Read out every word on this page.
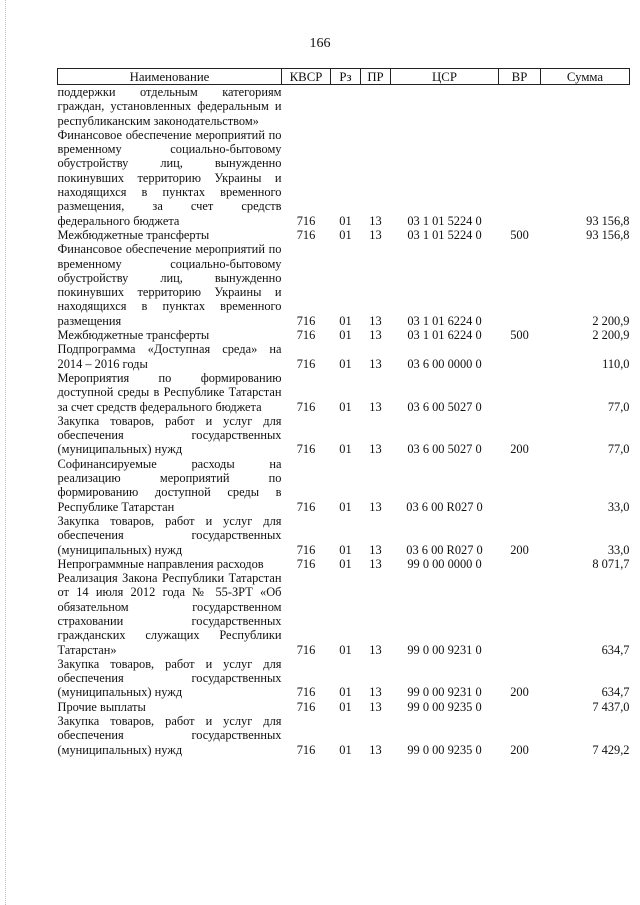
166
Наименование	КВСР	Рз	ПР	ЦСР	ВР	Сумма
поддержки отдельным категориям граждан, установленных федеральным и республиканским законодательством»						
Финансовое обеспечение мероприятий по временному социально-бытовому обустройству лиц, вынужденно покинувших территорию Украины и находящихся в пунктах временного размещения, за счет средств федерального бюджета	716	01	13	03 1 01 5224 0		93 156,8
Межбюджетные трансферты	716	01	13	03 1 01 5224 0	500	93 156,8
Финансовое обеспечение мероприятий по временному социально-бытовому обустройству лиц, вынужденно покинувших территорию Украины и находящихся в пунктах временного размещения	716	01	13	03 1 01 6224 0		2 200,9
Межбюджетные трансферты	716	01	13	03 1 01 6224 0	500	2 200,9
Подпрограмма «Доступная среда» на 2014 – 2016 годы	716	01	13	03 6 00 0000 0		110,0
Мероприятия по формированию доступной среды в Республике Татарстан за счет средств федерального бюджета	716	01	13	03 6 00 5027 0		77,0
Закупка товаров, работ и услуг для обеспечения государственных (муниципальных) нужд	716	01	13	03 6 00 5027 0	200	77,0
Софинансируемые расходы на реализацию мероприятий по формированию доступной среды в Республике Татарстан	716	01	13	03 6 00 R027 0		33,0
Закупка товаров, работ и услуг для обеспечения государственных (муниципальных) нужд	716	01	13	03 6 00 R027 0	200	33,0
Непрограммные направления расходов	716	01	13	99 0 00 0000 0		8 071,7
Реализация Закона Республики Татарстан от 14 июля 2012 года № 55-ЗРТ «Об обязательном государственном страховании государственных гражданских служащих Республики Татарстан»	716	01	13	99 0 00 9231 0		634,7
Закупка товаров, работ и услуг для обеспечения государственных (муниципальных) нужд	716	01	13	99 0 00 9231 0	200	634,7
Прочие выплаты	716	01	13	99 0 00 9235 0		7 437,0
Закупка товаров, работ и услуг для обеспечения государственных (муниципальных) нужд	716	01	13	99 0 00 9235 0	200	7 429,2
